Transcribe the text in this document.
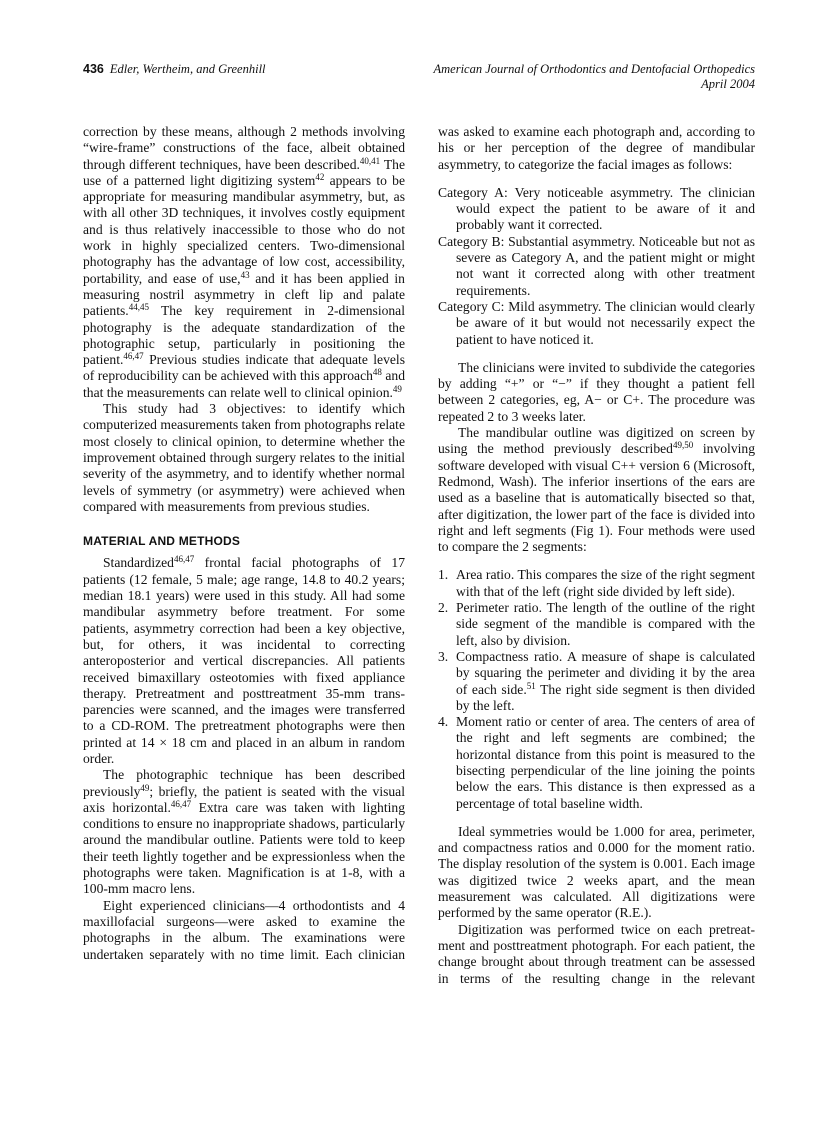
436 Edler, Wertheim, and Greenhill	American Journal of Orthodontics and Dentofacial Orthopedics
April 2004

correction by these means, although 2 methods involving “wire-frame” constructions of the face, albeit obtained through different techniques, have been described.$^{40,41}$ The use of a patterned light digitizing system$^{42}$ appears to be appropriate for measuring mandibular asymmetry, but, as with all other 3D techniques, it involves costly equipment and is thus relatively inaccessible to those who do not work in highly specialized centers. Two-dimensional photography has the advantage of low cost, accessibility, portability, and ease of use,$^{43}$ and it has been applied in measuring nostril asymmetry in cleft lip and palate patients.$^{44,45}$ The key requirement in 2-dimensional photography is the adequate standardization of the photographic setup, particularly in positioning the patient.$^{46,47}$ Previous studies indicate that adequate levels of reproducibility can be achieved with this approach$^{48}$ and that the measurements can relate well to clinical opinion.$^{49}$

This study had 3 objectives: to identify which computerized measurements taken from photographs relate most closely to clinical opinion, to determine whether the improvement obtained through surgery relates to the initial severity of the asymmetry, and to identify whether normal levels of symmetry (or asymmetry) were achieved when compared with measurements from previous studies.

MATERIAL AND METHODS

Standardized$^{46,47}$ frontal facial photographs of 17 patients (12 female, 5 male; age range, 14.8 to 40.2 years; median 18.1 years) were used in this study. All had some mandibular asymmetry before treatment. For some patients, asymmetry correction had been a key objective, but, for others, it was incidental to correcting anteroposterior and vertical discrepancies. All patients received bimaxillary osteotomies with fixed appliance therapy. Pretreatment and posttreatment 35-mm transparencies were scanned, and the images were transferred to a CD-ROM. The pretreatment photographs were then printed at 14 × 18 cm and placed in an album in random order.

The photographic technique has been described previously$^{49}$; briefly, the patient is seated with the visual axis horizontal.$^{46,47}$ Extra care was taken with lighting conditions to ensure no inappropriate shadows, particularly around the mandibular outline. Patients were told to keep their teeth lightly together and be expressionless when the photographs were taken. Magnification is at 1-8, with a 100-mm macro lens.

Eight experienced clinicians—4 orthodontists and 4 maxillofacial surgeons—were asked to examine the photographs in the album. The examinations were undertaken separately with no time limit. Each clinician

was asked to examine each photograph and, according to his or her perception of the degree of mandibular asymmetry, to categorize the facial images as follows:

Category A: Very noticeable asymmetry. The clinician would expect the patient to be aware of it and probably want it corrected.

Category B: Substantial asymmetry. Noticeable but not as severe as Category A, and the patient might or might not want it corrected along with other treatment requirements.

Category C: Mild asymmetry. The clinician would clearly be aware of it but would not necessarily expect the patient to have noticed it.

The clinicians were invited to subdivide the categories by adding “+” or “−” if they thought a patient fell between 2 categories, eg, A− or C+. The procedure was repeated 2 to 3 weeks later.

The mandibular outline was digitized on screen by using the method previously described$^{49,50}$ involving software developed with visual C++ version 6 (Microsoft, Redmond, Wash). The inferior insertions of the ears are used as a baseline that is automatically bisected so that, after digitization, the lower part of the face is divided into right and left segments (Fig 1). Four methods were used to compare the 2 segments:

1. Area ratio. This compares the size of the right segment with that of the left (right side divided by left side).
2. Perimeter ratio. The length of the outline of the right side segment of the mandible is compared with the left, also by division.
3. Compactness ratio. A measure of shape is calculated by squaring the perimeter and dividing it by the area of each side.$^{51}$ The right side segment is then divided by the left.
4. Moment ratio or center of area. The centers of area of the right and left segments are combined; the horizontal distance from this point is measured to the bisecting perpendicular of the line joining the points below the ears. This distance is then expressed as a percentage of total baseline width.

Ideal symmetries would be 1.000 for area, perimeter, and compactness ratios and 0.000 for the moment ratio. The display resolution of the system is 0.001. Each image was digitized twice 2 weeks apart, and the mean measurement was calculated. All digitizations were performed by the same operator (R.E.).

Digitization was performed twice on each pretreatment and posttreatment photograph. For each patient, the change brought about through treatment can be assessed in terms of the resulting change in the relevant
